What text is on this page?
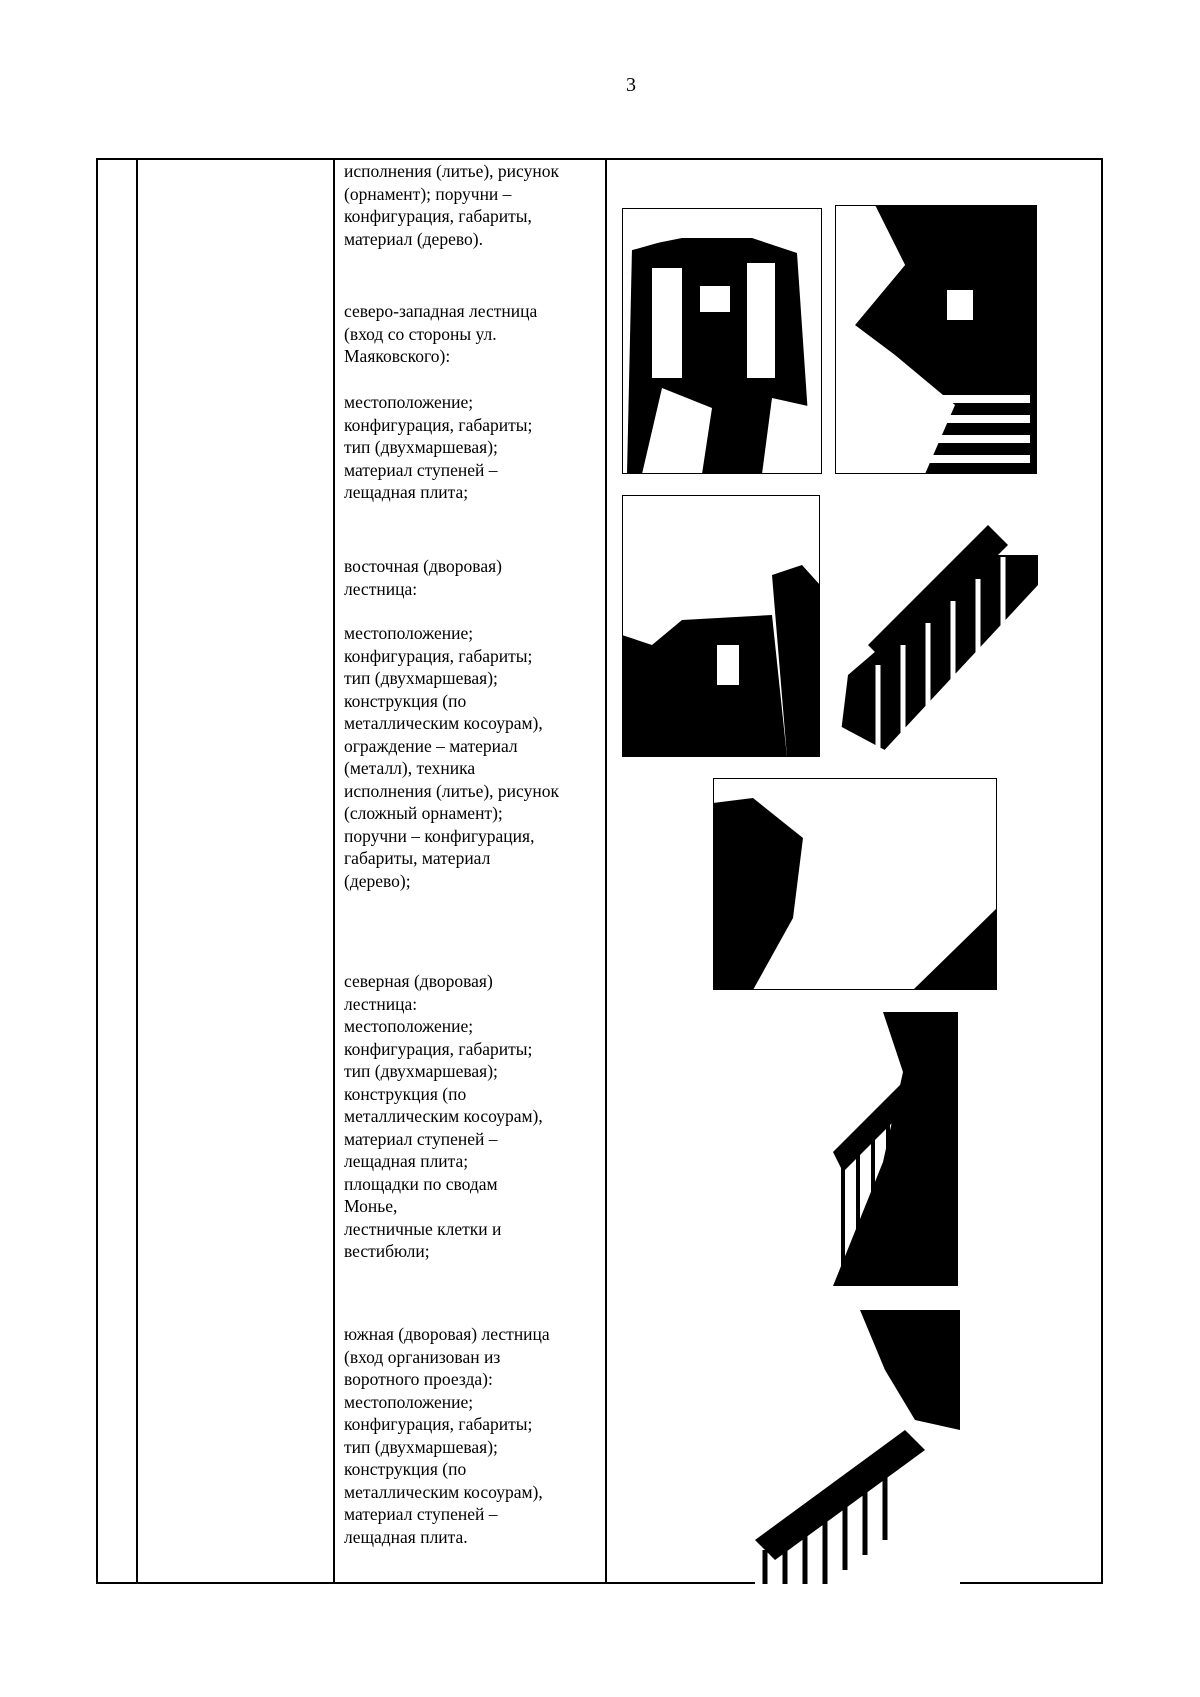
3

исполнения (литье), рисунок

(орнамент); поручни –

конфигурация, габариты,

материал (дерево).

северо-западная лестница

(вход со стороны ул.

Маяковского):

местоположение;

конфигурация, габариты;

тип (двухмаршевая);

материал ступеней –

лещадная плита;

восточная (дворовая)

лестница:

местоположение;

конфигурация, габариты;

тип (двухмаршевая);

конструкция (по

металлическим косоурам),

ограждение – материал

(металл), техника

исполнения (литье), рисунок

(сложный орнамент);

поручни – конфигурация,

габариты, материал

(дерево);

северная (дворовая)

лестница:

местоположение;

конфигурация, габариты;

тип (двухмаршевая);

конструкция (по

металлическим косоурам),

материал ступеней –

лещадная плита;

площадки по сводам

Монье,

лестничные клетки и

вестибюли;

южная (дворовая) лестница

(вход организован из

воротного проезда):

местоположение;

конфигурация, габариты;

тип (двухмаршевая);

конструкция (по

металлическим косоурам),

материал ступеней –

лещадная плита.
